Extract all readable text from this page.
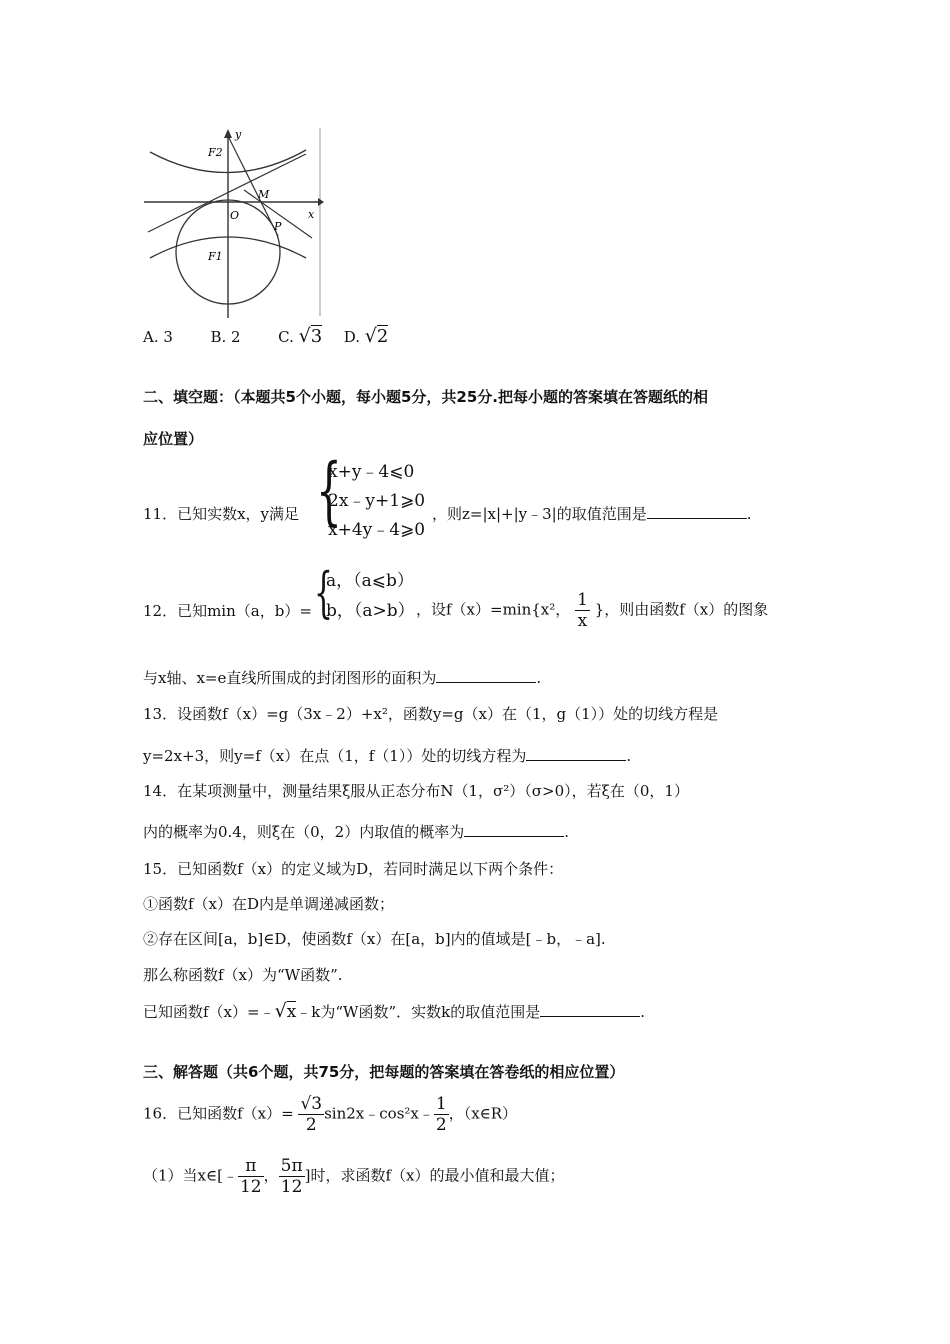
y
F2
M
O	x
P
F1
A. 3	B. 2	C. √3 D. √2
二、填空题：（本题共5个小题，每小题5分，共25分.把每小题的答案填在答题纸的相
应位置）
11．已知实数x，y满足 {
x+y﹣4⩽0
2x﹣y+1⩾0
x+4y﹣4⩾0
，则z=|x|+|y﹣3|的取值范围是	.
12．已知min（a，b）= {
a，（a⩽b）
b，（a>b） ，设f（x）=min{x²， $\frac{1}{x}$ }，则由函数f（x）的图象
与x轴、x=e直线所围成的封闭图形的面积为	.
13．设函数f（x）=g（3x﹣2）+x²，函数y=g（x）在（1，g（1））处的切线方程是
y=2x+3，则y=f（x）在点（1，f（1））处的切线方程为	.
14．在某项测量中，测量结果ξ服从正态分布N（1，σ²）（σ>0），若ξ在（0，1）
内的概率为0.4，则ξ在（0，2）内取值的概率为	.
15．已知函数f（x）的定义域为D，若同时满足以下两个条件：
①函数f（x）在D内是单调递减函数；
②存在区间[a，b]∈D，使函数f（x）在[a，b]内的值域是[﹣b，﹣a].
那么称函数f（x）为“W函数”.
已知函数f（x）=﹣√x﹣k为“W函数”．实数k的取值范围是	.
三、解答题（共6个题，共75分，把每题的答案填在答卷纸的相应位置）
16．已知函数$f(x)= \frac{√3}{2}$ sin2x﹣cos²x﹣ $\frac{1}{2}$ ，（x∈R）
（1）当x∈[﹣ $\frac{\pi}{12}$ ， $\frac{5\pi}{12}$ ]时，求函数f（x）的最小值和最大值；
